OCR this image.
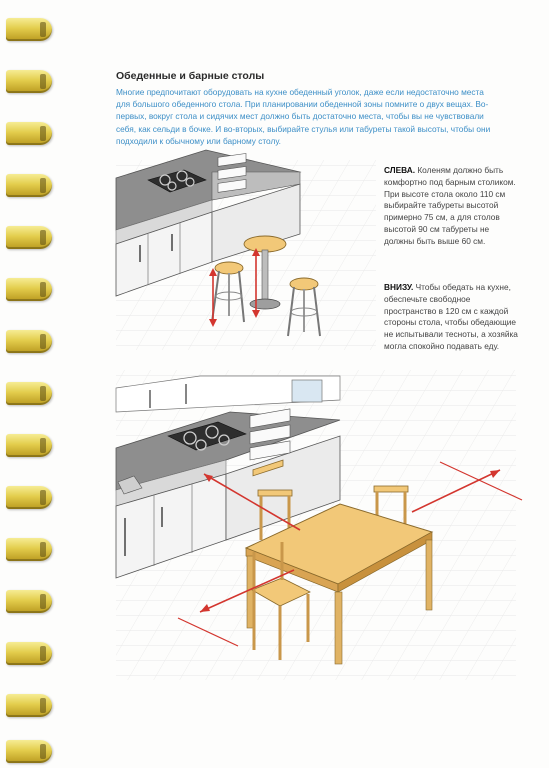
Обеденные и барные столы
Многие предпочитают оборудовать на кухне обеденный уголок, даже если недостаточно места для большого обеденного стола. При планировании обеденной зоны помните о двух вещах. Во-первых, вокруг стола и сидячих мест должно быть достаточно места, чтобы вы не чувствовали себя, как сельди в бочке. И во-вторых, выбирайте стулья или табуреты такой высоты, чтобы они подходили к обычному или барному столу.
СЛЕВА. Коленям должно быть комфортно под барным столиком. При высоте стола около 110 см выбирайте табуреты высотой примерно 75 см, а для столов высотой 90 см табуреты не должны быть выше 60 см.
ВНИЗУ. Чтобы обедать на кухне, обеспечьте свободное пространство в 120 см с каждой стороны стола, чтобы обедающие не испытывали тесноты, а хозяйка могла спокойно подавать еду.
